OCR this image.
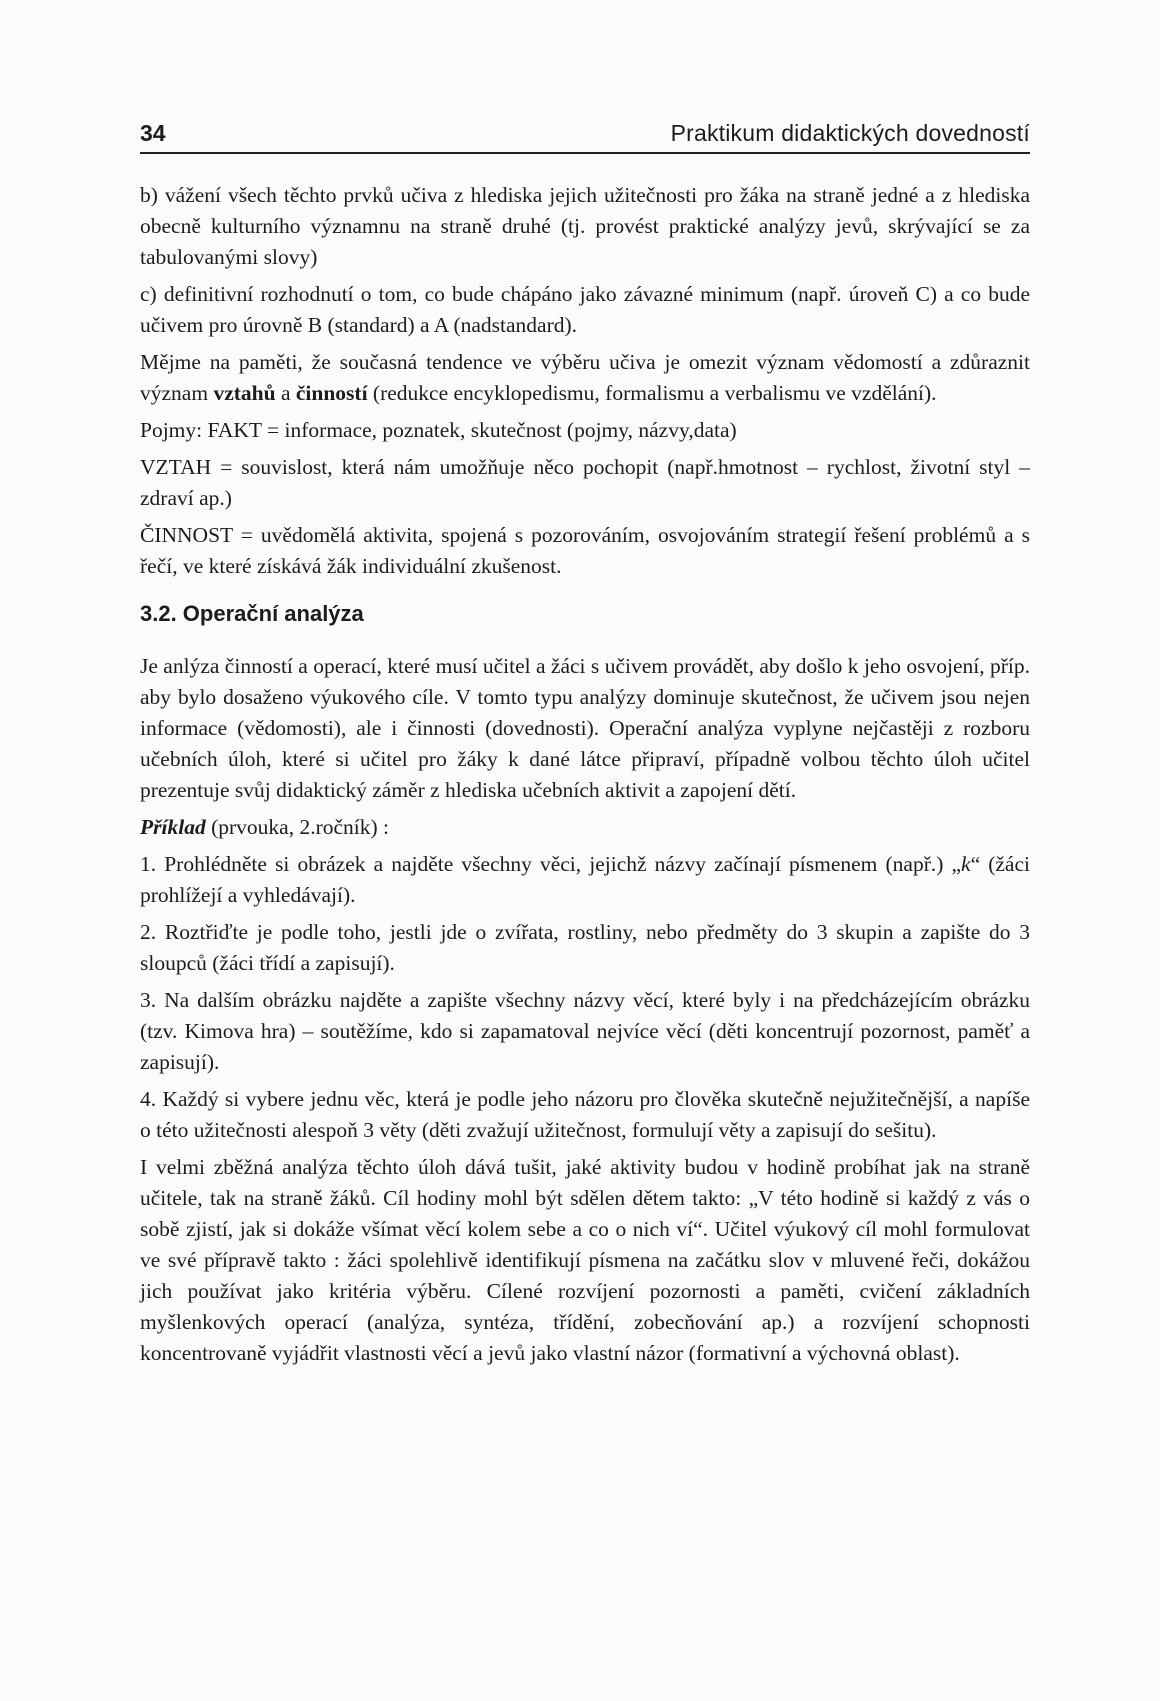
34	Praktikum didaktických dovedností

b) vážení všech těchto prvků učiva z hlediska jejich užitečnosti pro žáka na straně jedné a z hlediska obecně kulturního významnu na straně druhé (tj. provést praktické analýzy jevů, skrývající se za tabulovanými slovy)

c) definitivní rozhodnutí o tom, co bude chápáno jako závazné minimum (např. úroveň C) a co bude učivem pro úrovně B (standard) a A (nadstandard).

Mějme na paměti, že současná tendence ve výběru učiva je omezit význam vědomostí a zdůraznit význam vztahů a činností (redukce encyklopedismu, formalismu a verbalismu ve vzdělání).

Pojmy: FAKT = informace, poznatek, skutečnost (pojmy, názvy,data)

VZTAH = souvislost, která nám umožňuje něco pochopit (např.hmotnost – rychlost, životní styl – zdraví ap.)

ČINNOST = uvědomělá aktivita, spojená s pozorováním, osvojováním strategií řešení problémů a s řečí, ve které získává žák individuální zkušenost.

3.2. Operační analýza

Je anlýza činností a operací, které musí učitel a žáci s učivem provádět, aby došlo k jeho osvojení, příp. aby bylo dosaženo výukového cíle. V tomto typu analýzy dominuje skutečnost, že učivem jsou nejen informace (vědomosti), ale i činnosti (dovednosti). Operační analýza vyplyne nejčastěji z rozboru učebních úloh, které si učitel pro žáky k dané látce připraví, případně volbou těchto úloh učitel prezentuje svůj didaktický záměr z hlediska učebních aktivit a zapojení dětí.

Příklad (prvouka, 2.ročník) :

1. Prohlédněte si obrázek a najděte všechny věci, jejichž názvy začínají písmenem (např.) „k“ (žáci prohlížejí a vyhledávají).

2. Roztřiďte je podle toho, jestli jde o zvířata, rostliny, nebo předměty do 3 skupin a zapište do 3 sloupců (žáci třídí a zapisují).

3. Na dalším obrázku najděte a zapište všechny názvy věcí, které byly i na předcházejícím obrázku (tzv. Kimova hra) – soutěžíme, kdo si zapamatoval nejvíce věcí (děti koncentrují pozornost, paměť a zapisují).

4. Každý si vybere jednu věc, která je podle jeho názoru pro člověka skutečně nejužitečnější, a napíše o této užitečnosti alespoň 3 věty (děti zvažují užitečnost, formulují věty a zapisují do sešitu).

I velmi zběžná analýza těchto úloh dává tušit, jaké aktivity budou v hodině probíhat jak na straně učitele, tak na straně žáků. Cíl hodiny mohl být sdělen dětem takto: „V této hodině si každý z vás o sobě zjistí, jak si dokáže všímat věcí kolem sebe a co o nich ví“. Učitel výukový cíl mohl formulovat ve své přípravě takto : žáci spolehlivě identifikují písmena na začátku slov v mluvené řeči, dokážou jich používat jako kritéria výběru. Cílené rozvíjení pozornosti a paměti, cvičení základních myšlenkových operací (analýza, syntéza, třídění, zobecňování ap.) a rozvíjení schopnosti koncentrovaně vyjádřit vlastnosti věcí a jevů jako vlastní názor (formativní a výchovná oblast).
